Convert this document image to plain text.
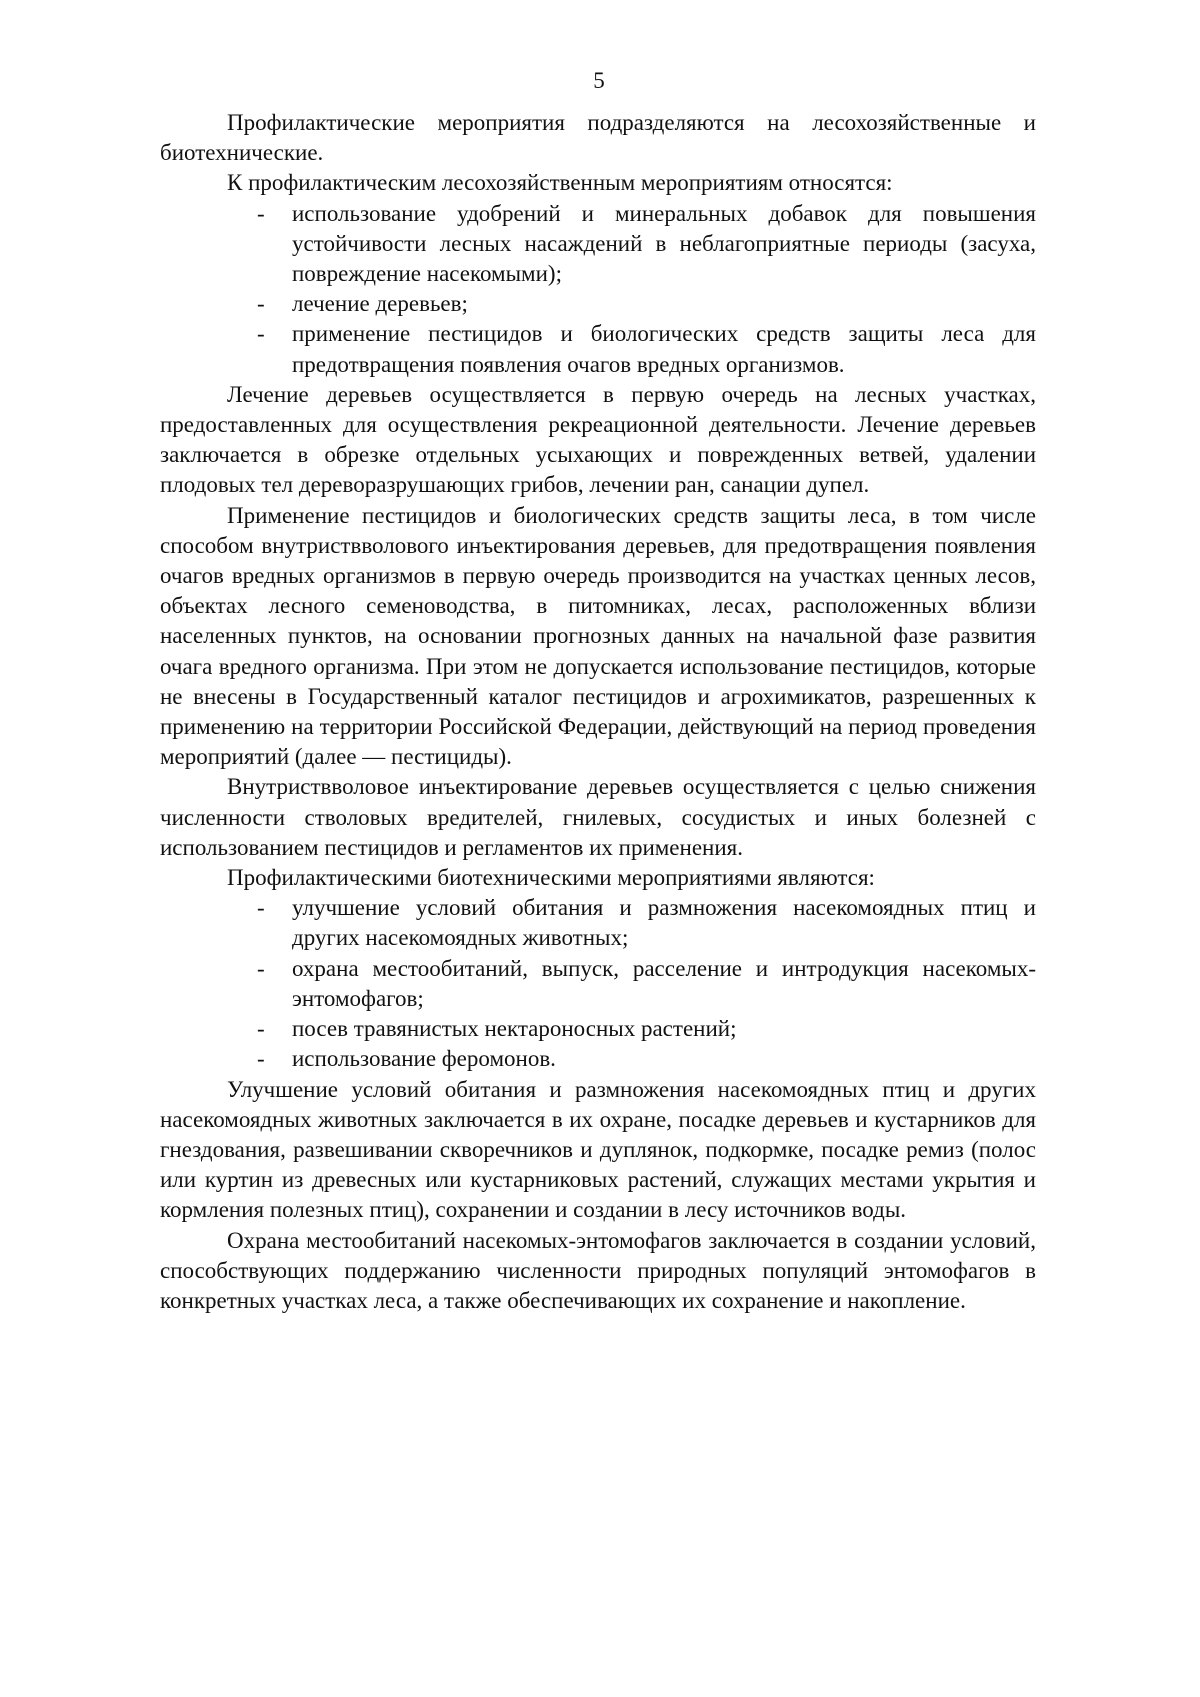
5

Профилактические мероприятия подразделяются на лесохозяйственные и биотехнические.

К профилактическим лесохозяйственным мероприятиям относятся:

- использование удобрений и минеральных добавок для повышения устойчивости лесных насаждений в неблагоприятные периоды (засуха, повреждение насекомыми);
- лечение деревьев;
- применение пестицидов и биологических средств защиты леса для предотвращения появления очагов вредных организмов.

Лечение деревьев осуществляется в первую очередь на лесных участках, предоставленных для осуществления рекреационной деятельности. Лечение деревьев заключается в обрезке отдельных усыхающих и поврежденных ветвей, удалении плодовых тел дереворазрушающих грибов, лечении ран, санации дупел.

Применение пестицидов и биологических средств защиты леса, в том числе способом внутриствволового инъектирования деревьев, для предотвращения появления очагов вредных организмов в первую очередь производится на участках ценных лесов, объектах лесного семеноводства, в питомниках, лесах, расположенных вблизи населенных пунктов, на основании прогнозных данных на начальной фазе развития очага вредного организма. При этом не допускается использование пестицидов, которые не внесены в Государственный каталог пестицидов и агрохимикатов, разрешенных к применению на территории Российской Федерации, действующий на период проведения мероприятий (далее — пестициды).

Внутриствволовое инъектирование деревьев осуществляется с целью снижения численности стволовых вредителей, гнилевых, сосудистых и иных болезней с использованием пестицидов и регламентов их применения.

Профилактическими биотехническими мероприятиями являются:

- улучшение условий обитания и размножения насекомоядных птиц и других насекомоядных животных;
- охрана местообитаний, выпуск, расселение и интродукция насекомых-энтомофагов;
- посев травянистых нектароносных растений;
- использование феромонов.

Улучшение условий обитания и размножения насекомоядных птиц и других насекомоядных животных заключается в их охране, посадке деревьев и кустарников для гнездования, развешивании скворечников и дуплянок, подкормке, посадке ремиз (полос или куртин из древесных или кустарниковых растений, служащих местами укрытия и кормления полезных птиц), сохранении и создании в лесу источников воды.

Охрана местообитаний насекомых-энтомофагов заключается в создании условий, способствующих поддержанию численности природных популяций энтомофагов в конкретных участках леса, а также обеспечивающих их сохранение и накопление.
